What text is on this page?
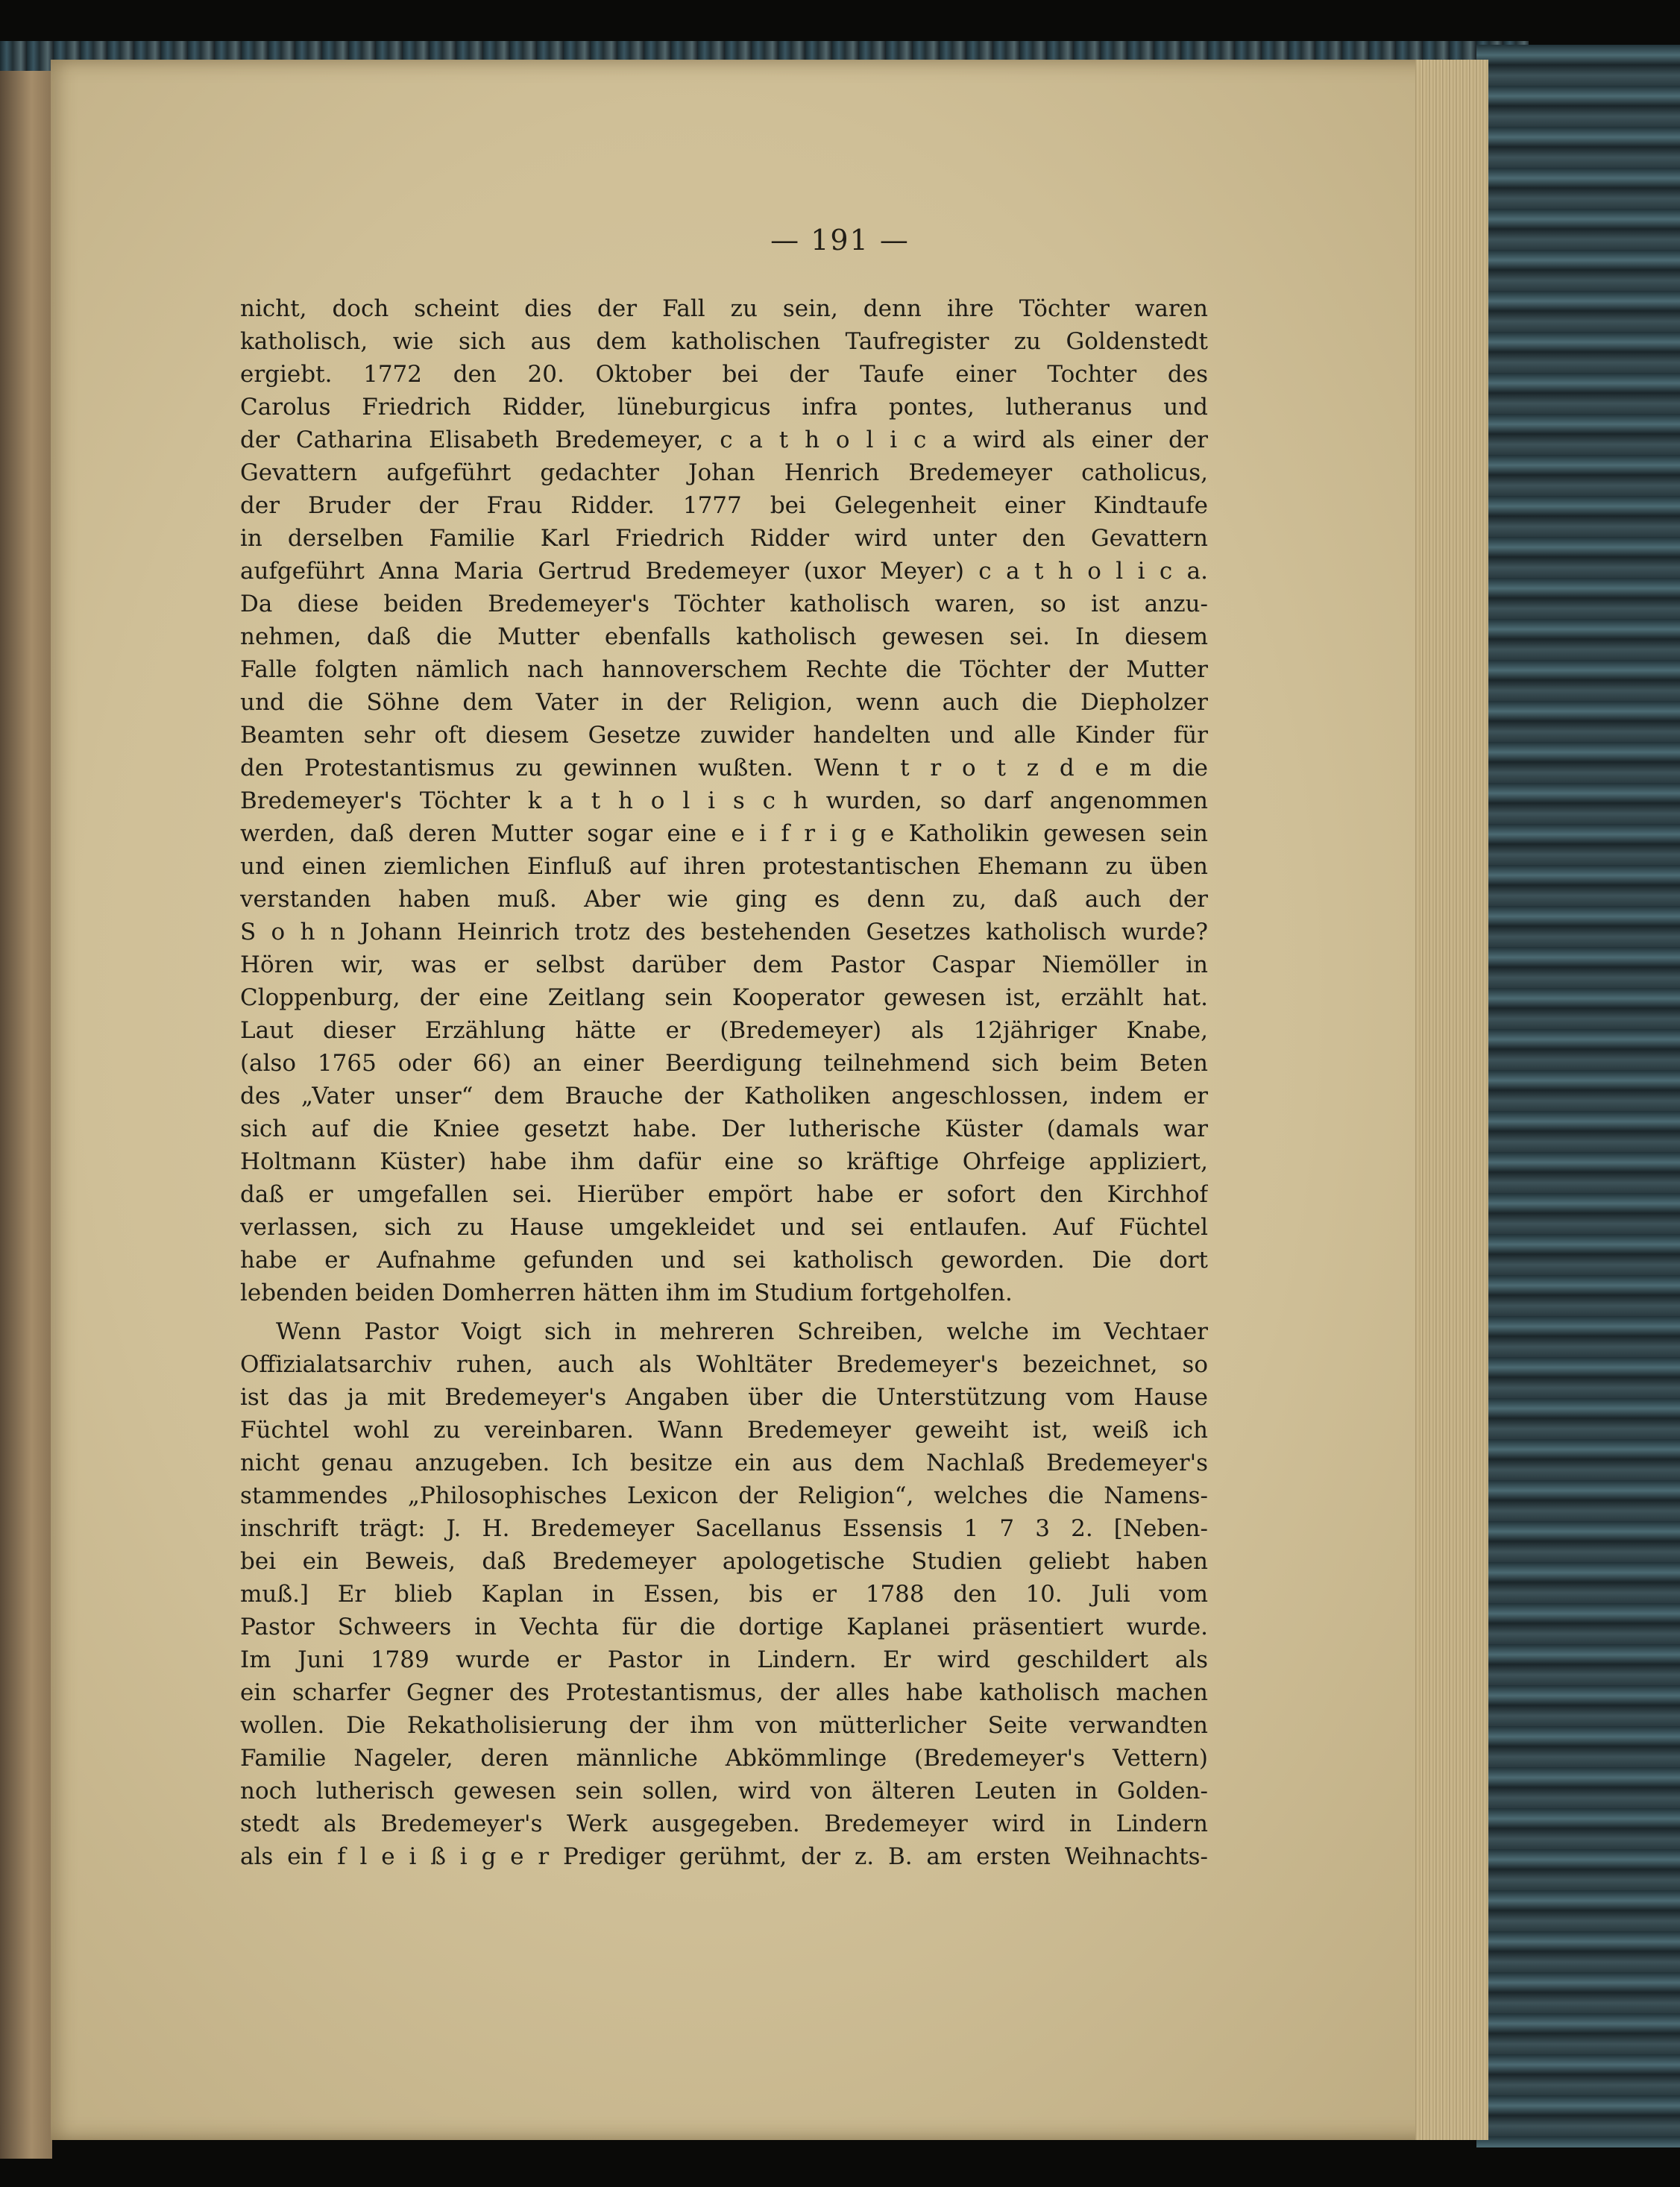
— 191 —
nicht, doch scheint dies der Fall zu sein, denn ihre Töchter waren
katholisch, wie sich aus dem katholischen Taufregister zu Goldenstedt
ergiebt. 1772 den 20. Oktober bei der Taufe einer Tochter des
Carolus Friedrich Ridder, lüneburgicus infra pontes, lutheranus und
der Catharina Elisabeth Bredemeyer, c a t h o l i c a wird als einer der
Gevattern aufgeführt gedachter Johan Henrich Bredemeyer catholicus,
der Bruder der Frau Ridder. 1777 bei Gelegenheit einer Kindtaufe
in derselben Familie Karl Friedrich Ridder wird unter den Gevattern
aufgeführt Anna Maria Gertrud Bredemeyer (uxor Meyer) c a t h o l i c a.
Da diese beiden Bredemeyer's Töchter katholisch waren, so ist anzu-
nehmen, daß die Mutter ebenfalls katholisch gewesen sei. In diesem
Falle folgten nämlich nach hannoverschem Rechte die Töchter der Mutter
und die Söhne dem Vater in der Religion, wenn auch die Diepholzer
Beamten sehr oft diesem Gesetze zuwider handelten und alle Kinder für
den Protestantismus zu gewinnen wußten. Wenn t r o t z d e m die
Bredemeyer's Töchter k a t h o l i s c h wurden, so darf angenommen
werden, daß deren Mutter sogar eine e i f r i g e Katholikin gewesen sein
und einen ziemlichen Einfluß auf ihren protestantischen Ehemann zu üben
verstanden haben muß. Aber wie ging es denn zu, daß auch der
S o h n Johann Heinrich trotz des bestehenden Gesetzes katholisch wurde?
Hören wir, was er selbst darüber dem Pastor Caspar Niemöller in
Cloppenburg, der eine Zeitlang sein Kooperator gewesen ist, erzählt hat.
Laut dieser Erzählung hätte er (Bredemeyer) als 12jähriger Knabe,
(also 1765 oder 66) an einer Beerdigung teilnehmend sich beim Beten
des „Vater unser“ dem Brauche der Katholiken angeschlossen, indem er
sich auf die Kniee gesetzt habe. Der lutherische Küster (damals war
Holtmann Küster) habe ihm dafür eine so kräftige Ohrfeige appliziert,
daß er umgefallen sei. Hierüber empört habe er sofort den Kirchhof
verlassen, sich zu Hause umgekleidet und sei entlaufen. Auf Füchtel
habe er Aufnahme gefunden und sei katholisch geworden. Die dort
lebenden beiden Domherren hätten ihm im Studium fortgeholfen.
Wenn Pastor Voigt sich in mehreren Schreiben, welche im Vechtaer
Offizialatsarchiv ruhen, auch als Wohltäter Bredemeyer's bezeichnet, so
ist das ja mit Bredemeyer's Angaben über die Unterstützung vom Hause
Füchtel wohl zu vereinbaren. Wann Bredemeyer geweiht ist, weiß ich
nicht genau anzugeben. Ich besitze ein aus dem Nachlaß Bredemeyer's
stammendes „Philosophisches Lexicon der Religion“, welches die Namens-
inschrift trägt: J. H. Bredemeyer Sacellanus Essensis 1 7 3 2. [Neben-
bei ein Beweis, daß Bredemeyer apologetische Studien geliebt haben
muß.] Er blieb Kaplan in Essen, bis er 1788 den 10. Juli vom
Pastor Schweers in Vechta für die dortige Kaplanei präsentiert wurde.
Im Juni 1789 wurde er Pastor in Lindern. Er wird geschildert als
ein scharfer Gegner des Protestantismus, der alles habe katholisch machen
wollen. Die Rekatholisierung der ihm von mütterlicher Seite verwandten
Familie Nageler, deren männliche Abkömmlinge (Bredemeyer's Vettern)
noch lutherisch gewesen sein sollen, wird von älteren Leuten in Golden-
stedt als Bredemeyer's Werk ausgegeben. Bredemeyer wird in Lindern
als ein f l e i ß i g e r Prediger gerühmt, der z. B. am ersten Weihnachts-
